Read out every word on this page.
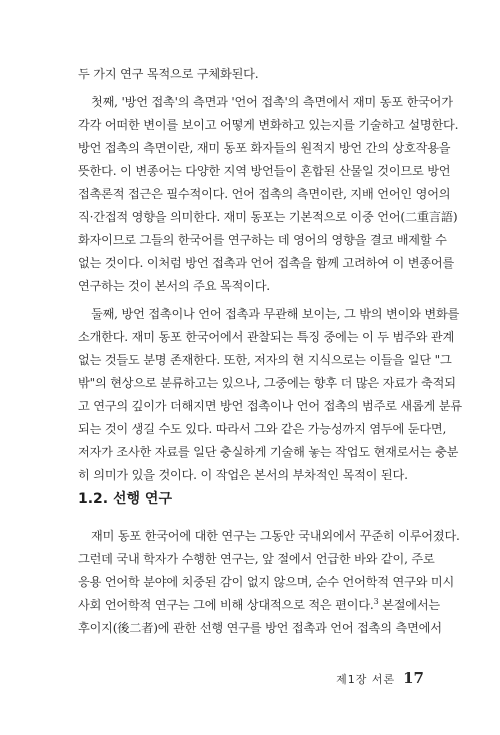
두 가지 연구 목적으로 구체화된다.
첫째, '방언 접촉'의 측면과 '언어 접촉'의 측면에서 재미 동포 한국어가
각각 어떠한 변이를 보이고 어떻게 변화하고 있는지를 기술하고 설명한다.
방언 접촉의 측면이란, 재미 동포 화자들의 원적지 방언 간의 상호작용을
뜻한다. 이 변종어는 다양한 지역 방언들이 혼합된 산물일 것이므로 방언
접촉론적 접근은 필수적이다. 언어 접촉의 측면이란, 지배 언어인 영어의
직·간접적 영향을 의미한다. 재미 동포는 기본적으로 이중 언어(二重言語)
화자이므로 그들의 한국어를 연구하는 데 영어의 영향을 결코 배제할 수
없는 것이다. 이처럼 방언 접촉과 언어 접촉을 함께 고려하여 이 변종어를
연구하는 것이 본서의 주요 목적이다.
둘째, 방언 접촉이나 언어 접촉과 무관해 보이는, 그 밖의 변이와 변화를
소개한다. 재미 동포 한국어에서 관찰되는 특징 중에는 이 두 범주와 관계
없는 것들도 분명 존재한다. 또한, 저자의 현 지식으로는 이들을 일단 "그
밖"의 현상으로 분류하고는 있으나, 그중에는 향후 더 많은 자료가 축적되
고 연구의 깊이가 더해지면 방언 접촉이나 언어 접촉의 범주로 새롭게 분류
되는 것이 생길 수도 있다. 따라서 그와 같은 가능성까지 염두에 둔다면,
저자가 조사한 자료를 일단 충실하게 기술해 놓는 작업도 현재로서는 충분
히 의미가 있을 것이다. 이 작업은 본서의 부차적인 목적이 된다.
1.2. 선행 연구
재미 동포 한국어에 대한 연구는 그동안 국내외에서 꾸준히 이루어졌다.
그런데 국내 학자가 수행한 연구는, 앞 절에서 언급한 바와 같이, 주로
응용 언어학 분야에 치중된 감이 없지 않으며, 순수 언어학적 연구와 미시
사회 언어학적 연구는 그에 비해 상대적으로 적은 편이다.$^3$ 본절에서는
후이지(後二者)에 관한 선행 연구를 방언 접촉과 언어 접촉의 측면에서
제1장 서론 17
